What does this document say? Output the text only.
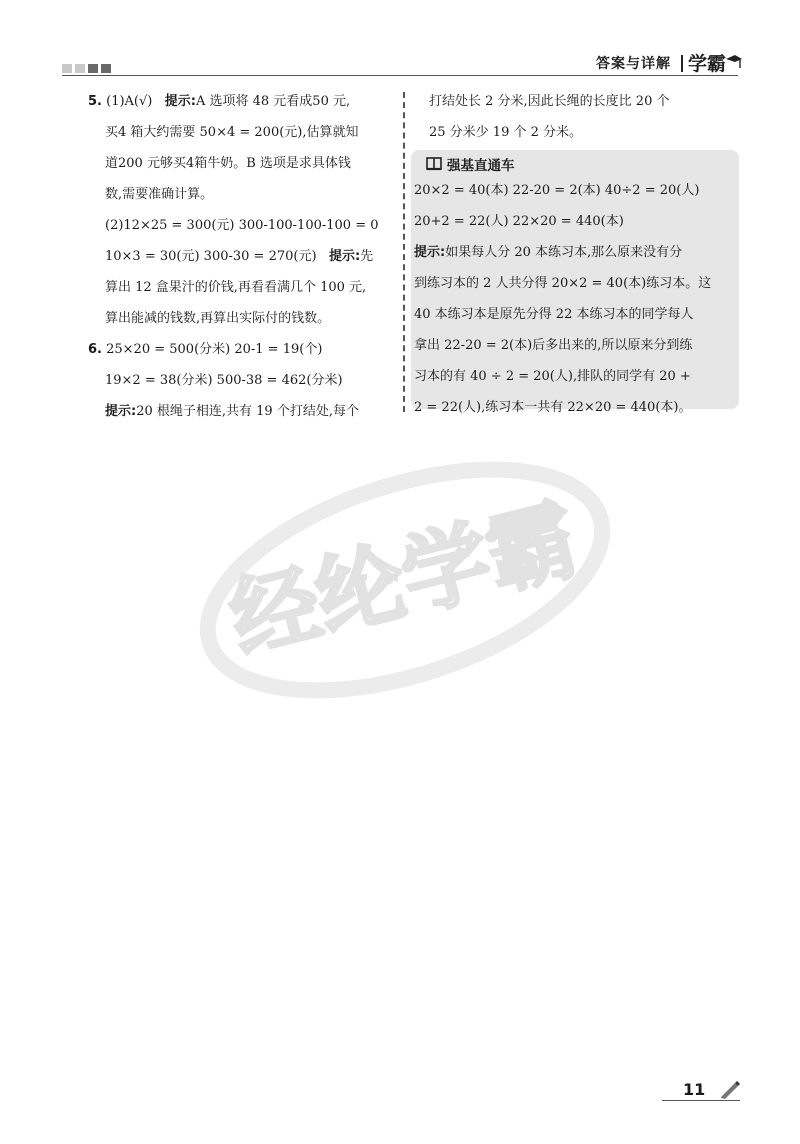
答案与详解 学霸
5. (1)A(√) 提示:A 选项将 48 元看成50 元,
买4 箱大约需要 50×4 = 200(元),估算就知
道200 元够买4箱牛奶。B 选项是求具体钱
数,需要准确计算。
(2)12×25 = 300(元) 300-100-100-100 = 0
10×3 = 30(元) 300-30 = 270(元) 提示:先
算出 12 盒果汁的价钱,再看看满几个 100 元,
算出能减的钱数,再算出实际付的钱数。
6. 25×20 = 500(分米) 20-1 = 19(个)
19×2 = 38(分米) 500-38 = 462(分米)
提示:20 根绳子相连,共有 19 个打结处,每个
打结处长 2 分米,因此长绳的长度比 20 个
25 分米少 19 个 2 分米。
强基直通车
20×2 = 40(本) 22-20 = 2(本) 40÷2 = 20(人)
20+2 = 22(人) 22×20 = 440(本)
提示:如果每人分 20 本练习本,那么原来没有分
到练习本的 2 人共分得 20×2 = 40(本)练习本。这
40 本练习本是原先分得 22 本练习本的同学每人
拿出 22-20 = 2(本)后多出来的,所以原来分到练
习本的有 40 ÷ 2 = 20(人),排队的同学有 20 +
2 = 22(人),练习本一共有 22×20 = 440(本)。
经纶学霸
11
